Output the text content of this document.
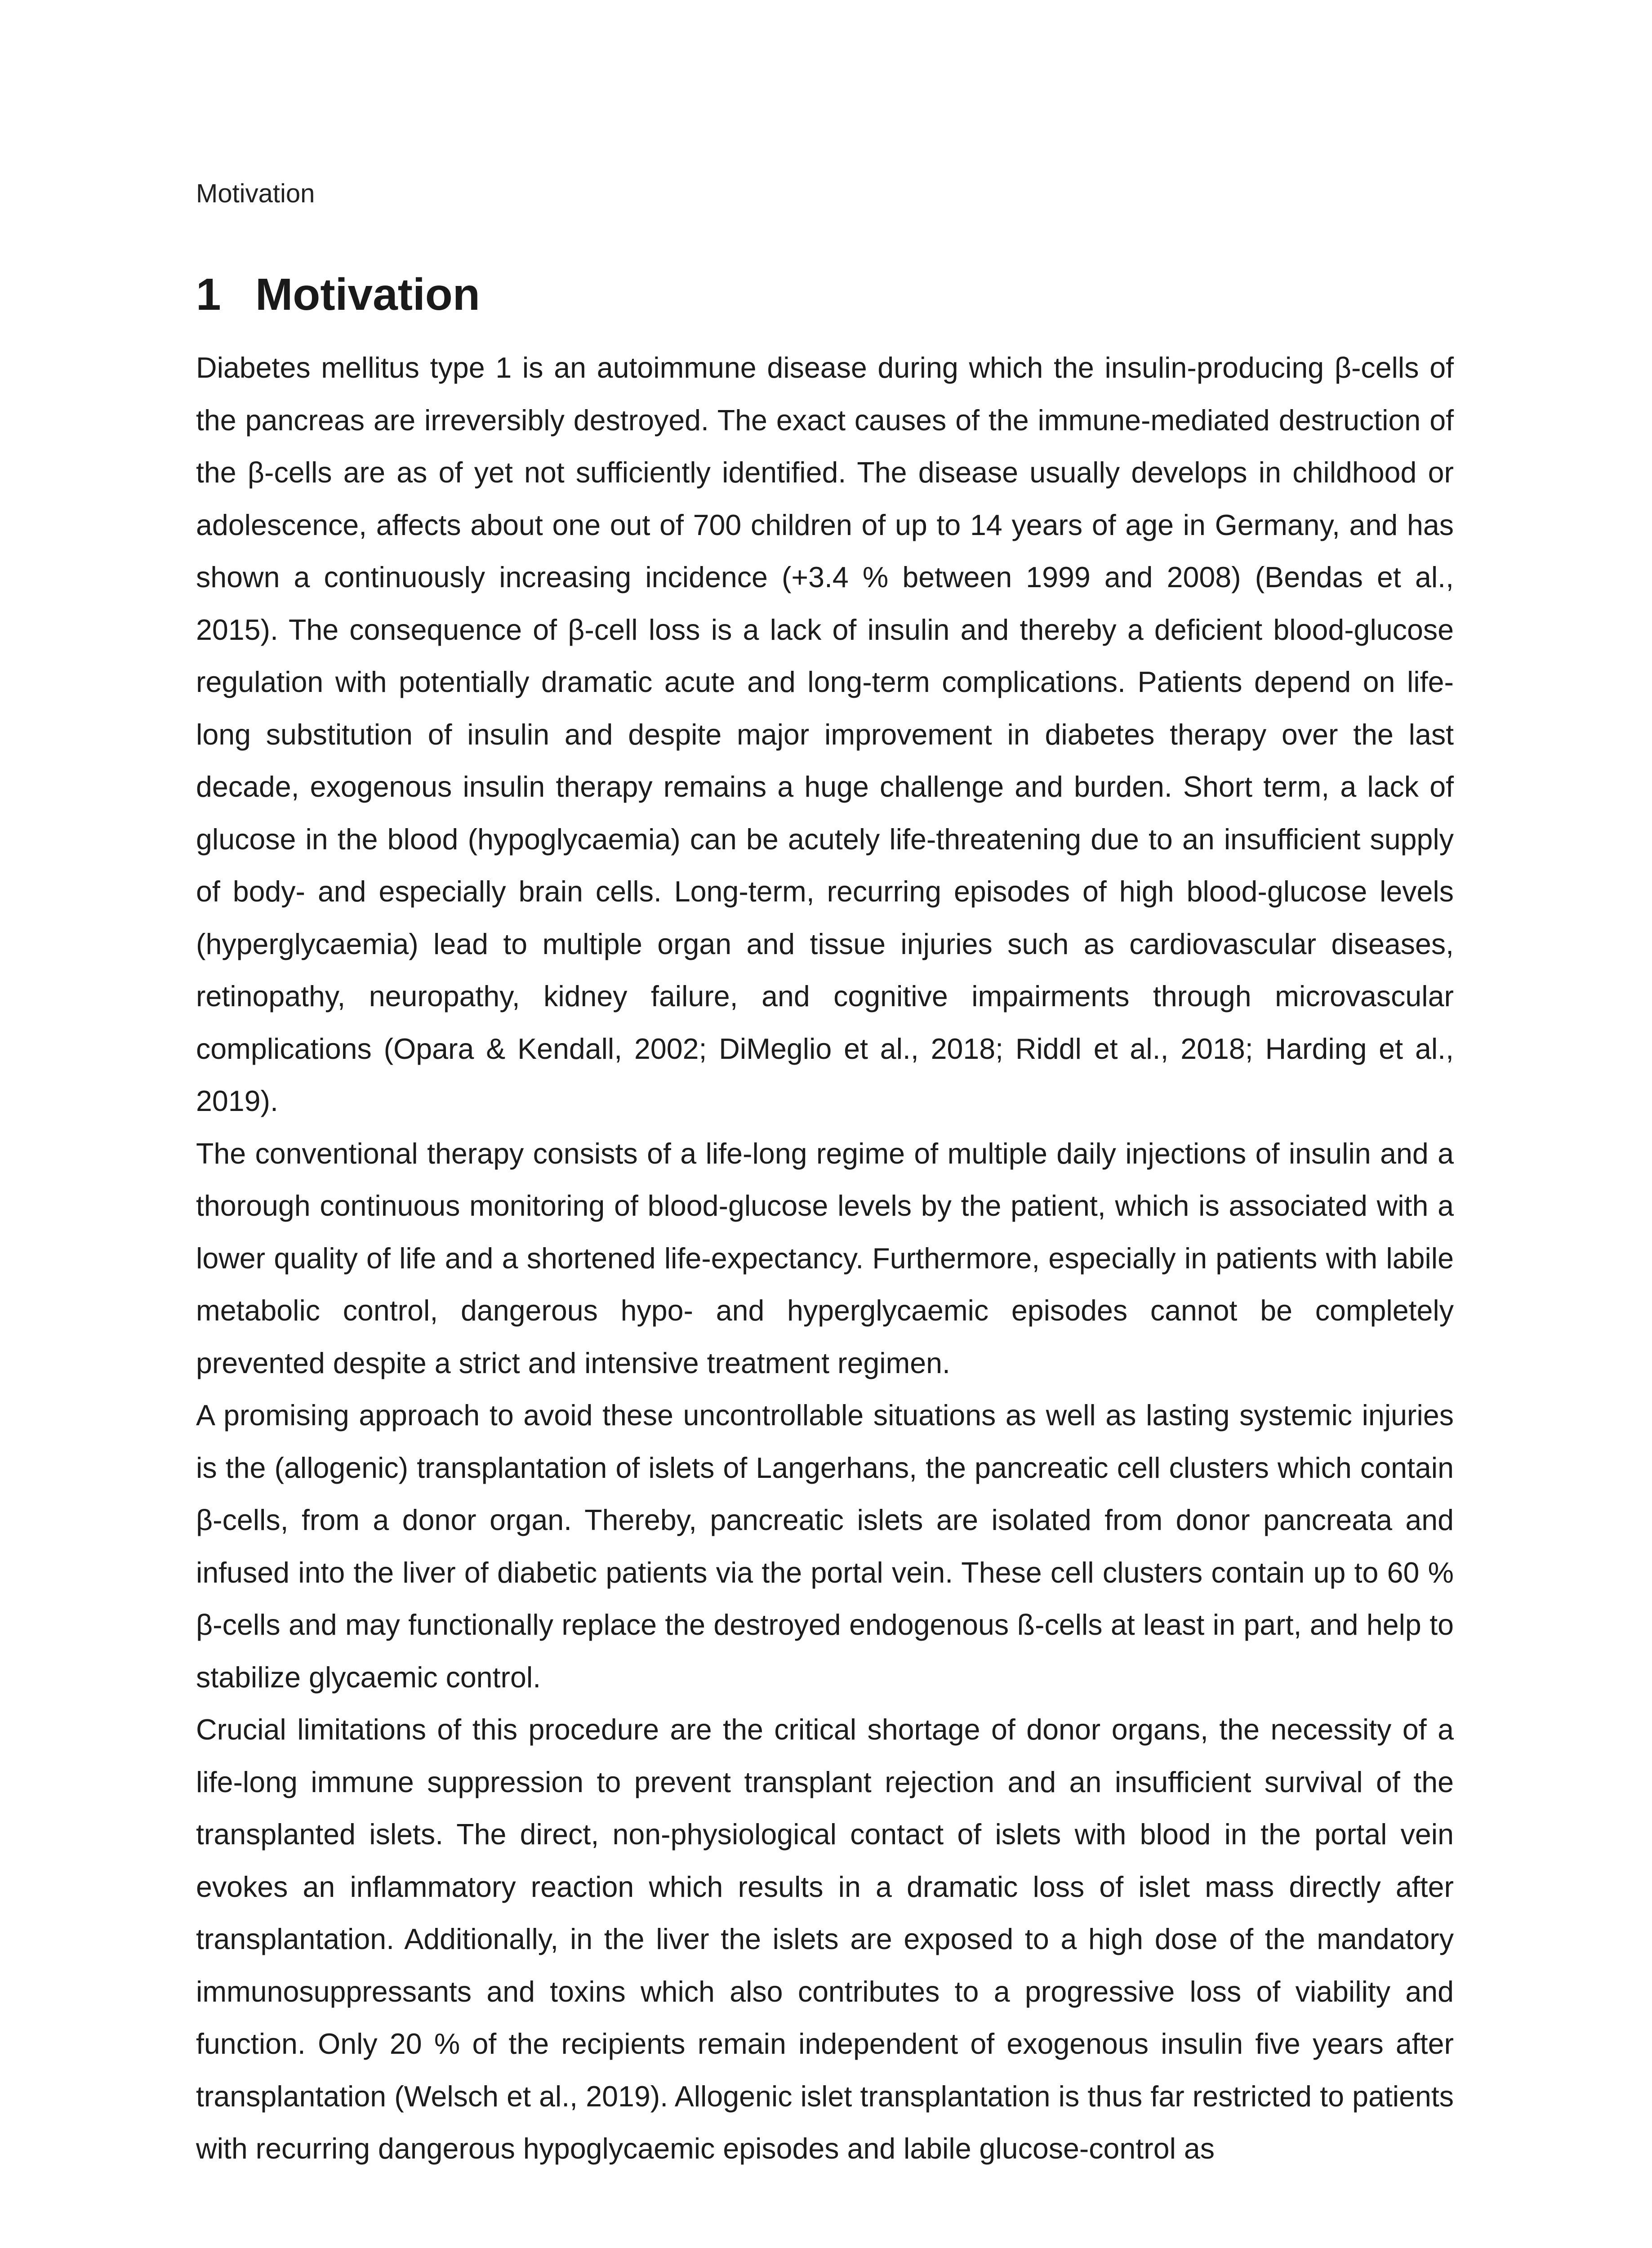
Motivation
1 Motivation

Diabetes mellitus type 1 is an autoimmune disease during which the insulin-producing β-cells of the pancreas are irreversibly destroyed. The exact causes of the immune-mediated destruction of the β-cells are as of yet not sufficiently identified. The disease usually develops in childhood or adolescence, affects about one out of 700 children of up to 14 years of age in Germany, and has shown a continuously increasing incidence (+3.4 % between 1999 and 2008) (Bendas et al., 2015). The consequence of β-cell loss is a lack of insulin and thereby a deficient blood-glucose regulation with potentially dramatic acute and long-term complications. Patients depend on life-long substitution of insulin and despite major improvement in diabetes therapy over the last decade, exogenous insulin therapy remains a huge challenge and burden. Short term, a lack of glucose in the blood (hypoglycaemia) can be acutely life-threatening due to an insufficient supply of body- and especially brain cells. Long-term, recurring episodes of high blood-glucose levels (hyperglycaemia) lead to multiple organ and tissue injuries such as cardiovascular diseases, retinopathy, neuropathy, kidney failure, and cognitive impairments through microvascular complications (Opara & Kendall, 2002; DiMeglio et al., 2018; Riddl et al., 2018; Harding et al., 2019).

The conventional therapy consists of a life-long regime of multiple daily injections of insulin and a thorough continuous monitoring of blood-glucose levels by the patient, which is associated with a lower quality of life and a shortened life-expectancy. Furthermore, especially in patients with labile metabolic control, dangerous hypo- and hyperglycaemic episodes cannot be completely prevented despite a strict and intensive treatment regimen.

A promising approach to avoid these uncontrollable situations as well as lasting systemic injuries is the (allogenic) transplantation of islets of Langerhans, the pancreatic cell clusters which contain β-cells, from a donor organ. Thereby, pancreatic islets are isolated from donor pancreata and infused into the liver of diabetic patients via the portal vein. These cell clusters contain up to 60 % β-cells and may functionally replace the destroyed endogenous ß-cells at least in part, and help to stabilize glycaemic control.

Crucial limitations of this procedure are the critical shortage of donor organs, the necessity of a life-long immune suppression to prevent transplant rejection and an insufficient survival of the transplanted islets. The direct, non-physiological contact of islets with blood in the portal vein evokes an inflammatory reaction which results in a dramatic loss of islet mass directly after transplantation. Additionally, in the liver the islets are exposed to a high dose of the mandatory immunosuppressants and toxins which also contributes to a progressive loss of viability and function. Only 20 % of the recipients remain independent of exogenous insulin five years after transplantation (Welsch et al., 2019). Allogenic islet transplantation is thus far restricted to patients with recurring dangerous hypoglycaemic episodes and labile glucose-control as
